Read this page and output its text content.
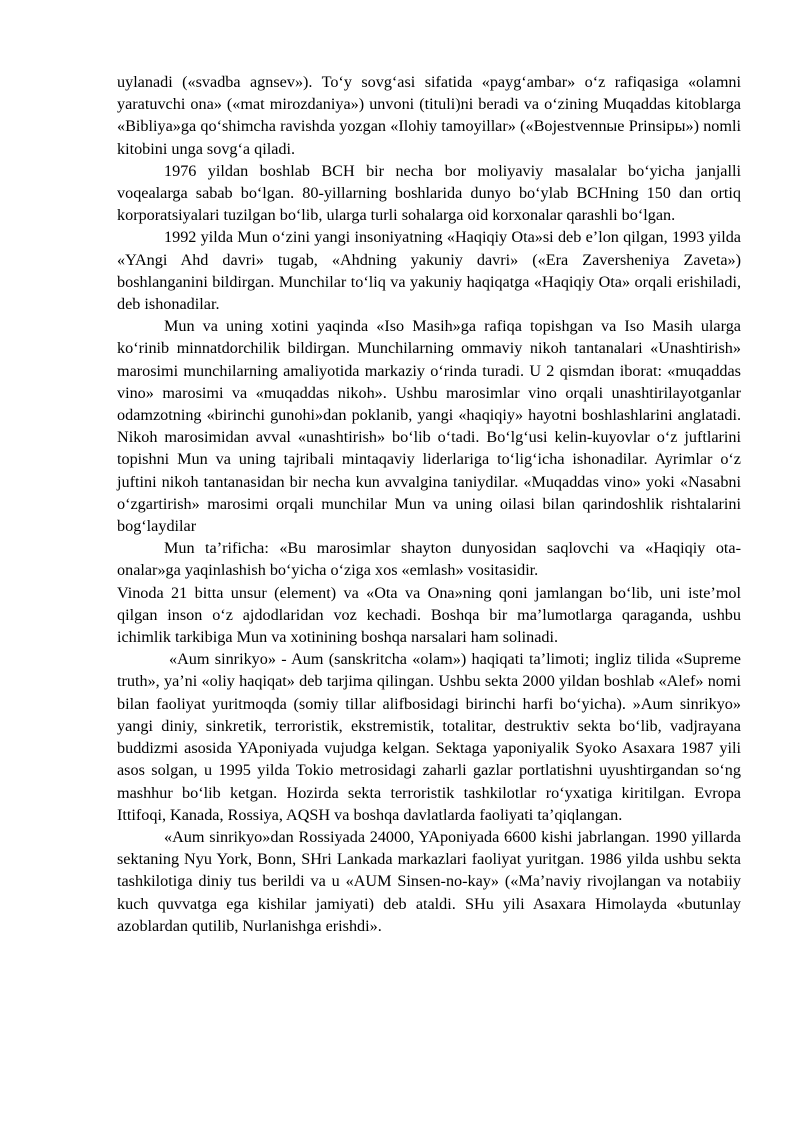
uylanadi («svadba agnsev»). To‘y sovg‘asi sifatida «payg‘ambar» o‘z rafiqasiga «olamni yaratuvchi ona» («mat mirozdaniya») unvoni (tituli)ni beradi va o‘zining Muqaddas kitoblarga «Bibliya»ga qo‘shimcha ravishda yozgan «Ilohiy tamoyillar» («Bojestvennые Prinsipы») nomli kitobini unga sovg‘a qiladi.

1976 yildan boshlab BCH bir necha bor moliyaviy masalalar bo‘yicha janjalli voqealarga sabab bo‘lgan. 80-yillarning boshlarida dunyo bo‘ylab BCHning 150 dan ortiq korporatsiyalari tuzilgan bo‘lib, ularga turli sohalarga oid korxonalar qarashli bo‘lgan.

1992 yilda Mun o‘zini yangi insoniyatning «Haqiqiy Ota»si deb e’lon qilgan, 1993 yilda «YAngi Ahd davri» tugab, «Ahdning yakuniy davri» («Era Zaversheniya Zaveta») boshlanganini bildirgan. Munchilar to‘liq va yakuniy haqiqatga «Haqiqiy Ota» orqali erishiladi, deb ishonadilar.

Mun va uning xotini yaqinda «Iso Masih»ga rafiqa topishgan va Iso Masih ularga ko‘rinib minnatdorchilik bildirgan. Munchilarning ommaviy nikoh tantanalari «Unashtirish» marosimi munchilarning amaliyotida markaziy o‘rinda turadi. U 2 qismdan iborat: «muqaddas vino» marosimi va «muqaddas nikoh». Ushbu marosimlar vino orqali unashtirilayotganlar odamzotning «birinchi gunohi»dan poklanib, yangi «haqiqiy» hayotni boshlashlarini anglatadi. Nikoh marosimidan avval «unashtirish» bo‘lib o‘tadi. Bo‘lg‘usi kelin-kuyovlar o‘z juftlarini topishni Mun va uning tajribali mintaqaviy liderlariga to‘lig‘icha ishonadilar. Ayrimlar o‘z juftini nikoh tantanasidan bir necha kun avvalgina taniydilar. «Muqaddas vino» yoki «Nasabni o‘zgartirish» marosimi orqali munchilar Mun va uning oilasi bilan qarindoshlik rishtalarini bog‘laydilar

Mun ta’rificha: «Bu marosimlar shayton dunyosidan saqlovchi va «Haqiqiy ota-onalar»ga yaqinlashish bo‘yicha o‘ziga xos «emlash» vositasidir.

Vinoda 21 bitta unsur (element) va «Ota va Ona»ning qoni jamlangan bo‘lib, uni iste’mol qilgan inson o‘z ajdodlaridan voz kechadi. Boshqa bir ma’lumotlarga qaraganda, ushbu ichimlik tarkibiga Mun va xotinining boshqa narsalari ham solinadi.

«Aum sinrikyo» - Aum (sanskritcha «olam») haqiqati ta’limoti; ingliz tilida «Supreme truth», ya’ni «oliy haqiqat» deb tarjima qilingan. Ushbu sekta 2000 yildan boshlab «Alef» nomi bilan faoliyat yuritmoqda (somiy tillar alifbosidagi birinchi harfi bo‘yicha). »Aum sinrikyo» yangi diniy, sinkretik, terroristik, ekstremistik, totalitar, destruktiv sekta bo‘lib, vadjrayana buddizmi asosida YAponiyada vujudga kelgan. Sektaga yaponiyalik Syoko Asaxara 1987 yili asos solgan, u 1995 yilda Tokio metrosidagi zaharli gazlar portlatishni uyushtirgandan so‘ng mashhur bo‘lib ketgan. Hozirda sekta terroristik tashkilotlar ro‘yxatiga kiritilgan. Evropa Ittifoqi, Kanada, Rossiya, AQSH va boshqa davlatlarda faoliyati ta’qiqlangan.

«Aum sinrikyo»dan Rossiyada 24000, YAponiyada 6600 kishi jabrlangan. 1990 yillarda sektaning Nyu York, Bonn, SHri Lankada markazlari faoliyat yuritgan. 1986 yilda ushbu sekta tashkilotiga diniy tus berildi va u «AUM Sinsen-no-kay» («Ma’naviy rivojlangan va notabiiy kuch quvvatga ega kishilar jamiyati) deb ataldi. SHu yili Asaxara Himolayda «butunlay azoblardan qutilib, Nurlanishga erishdi».
